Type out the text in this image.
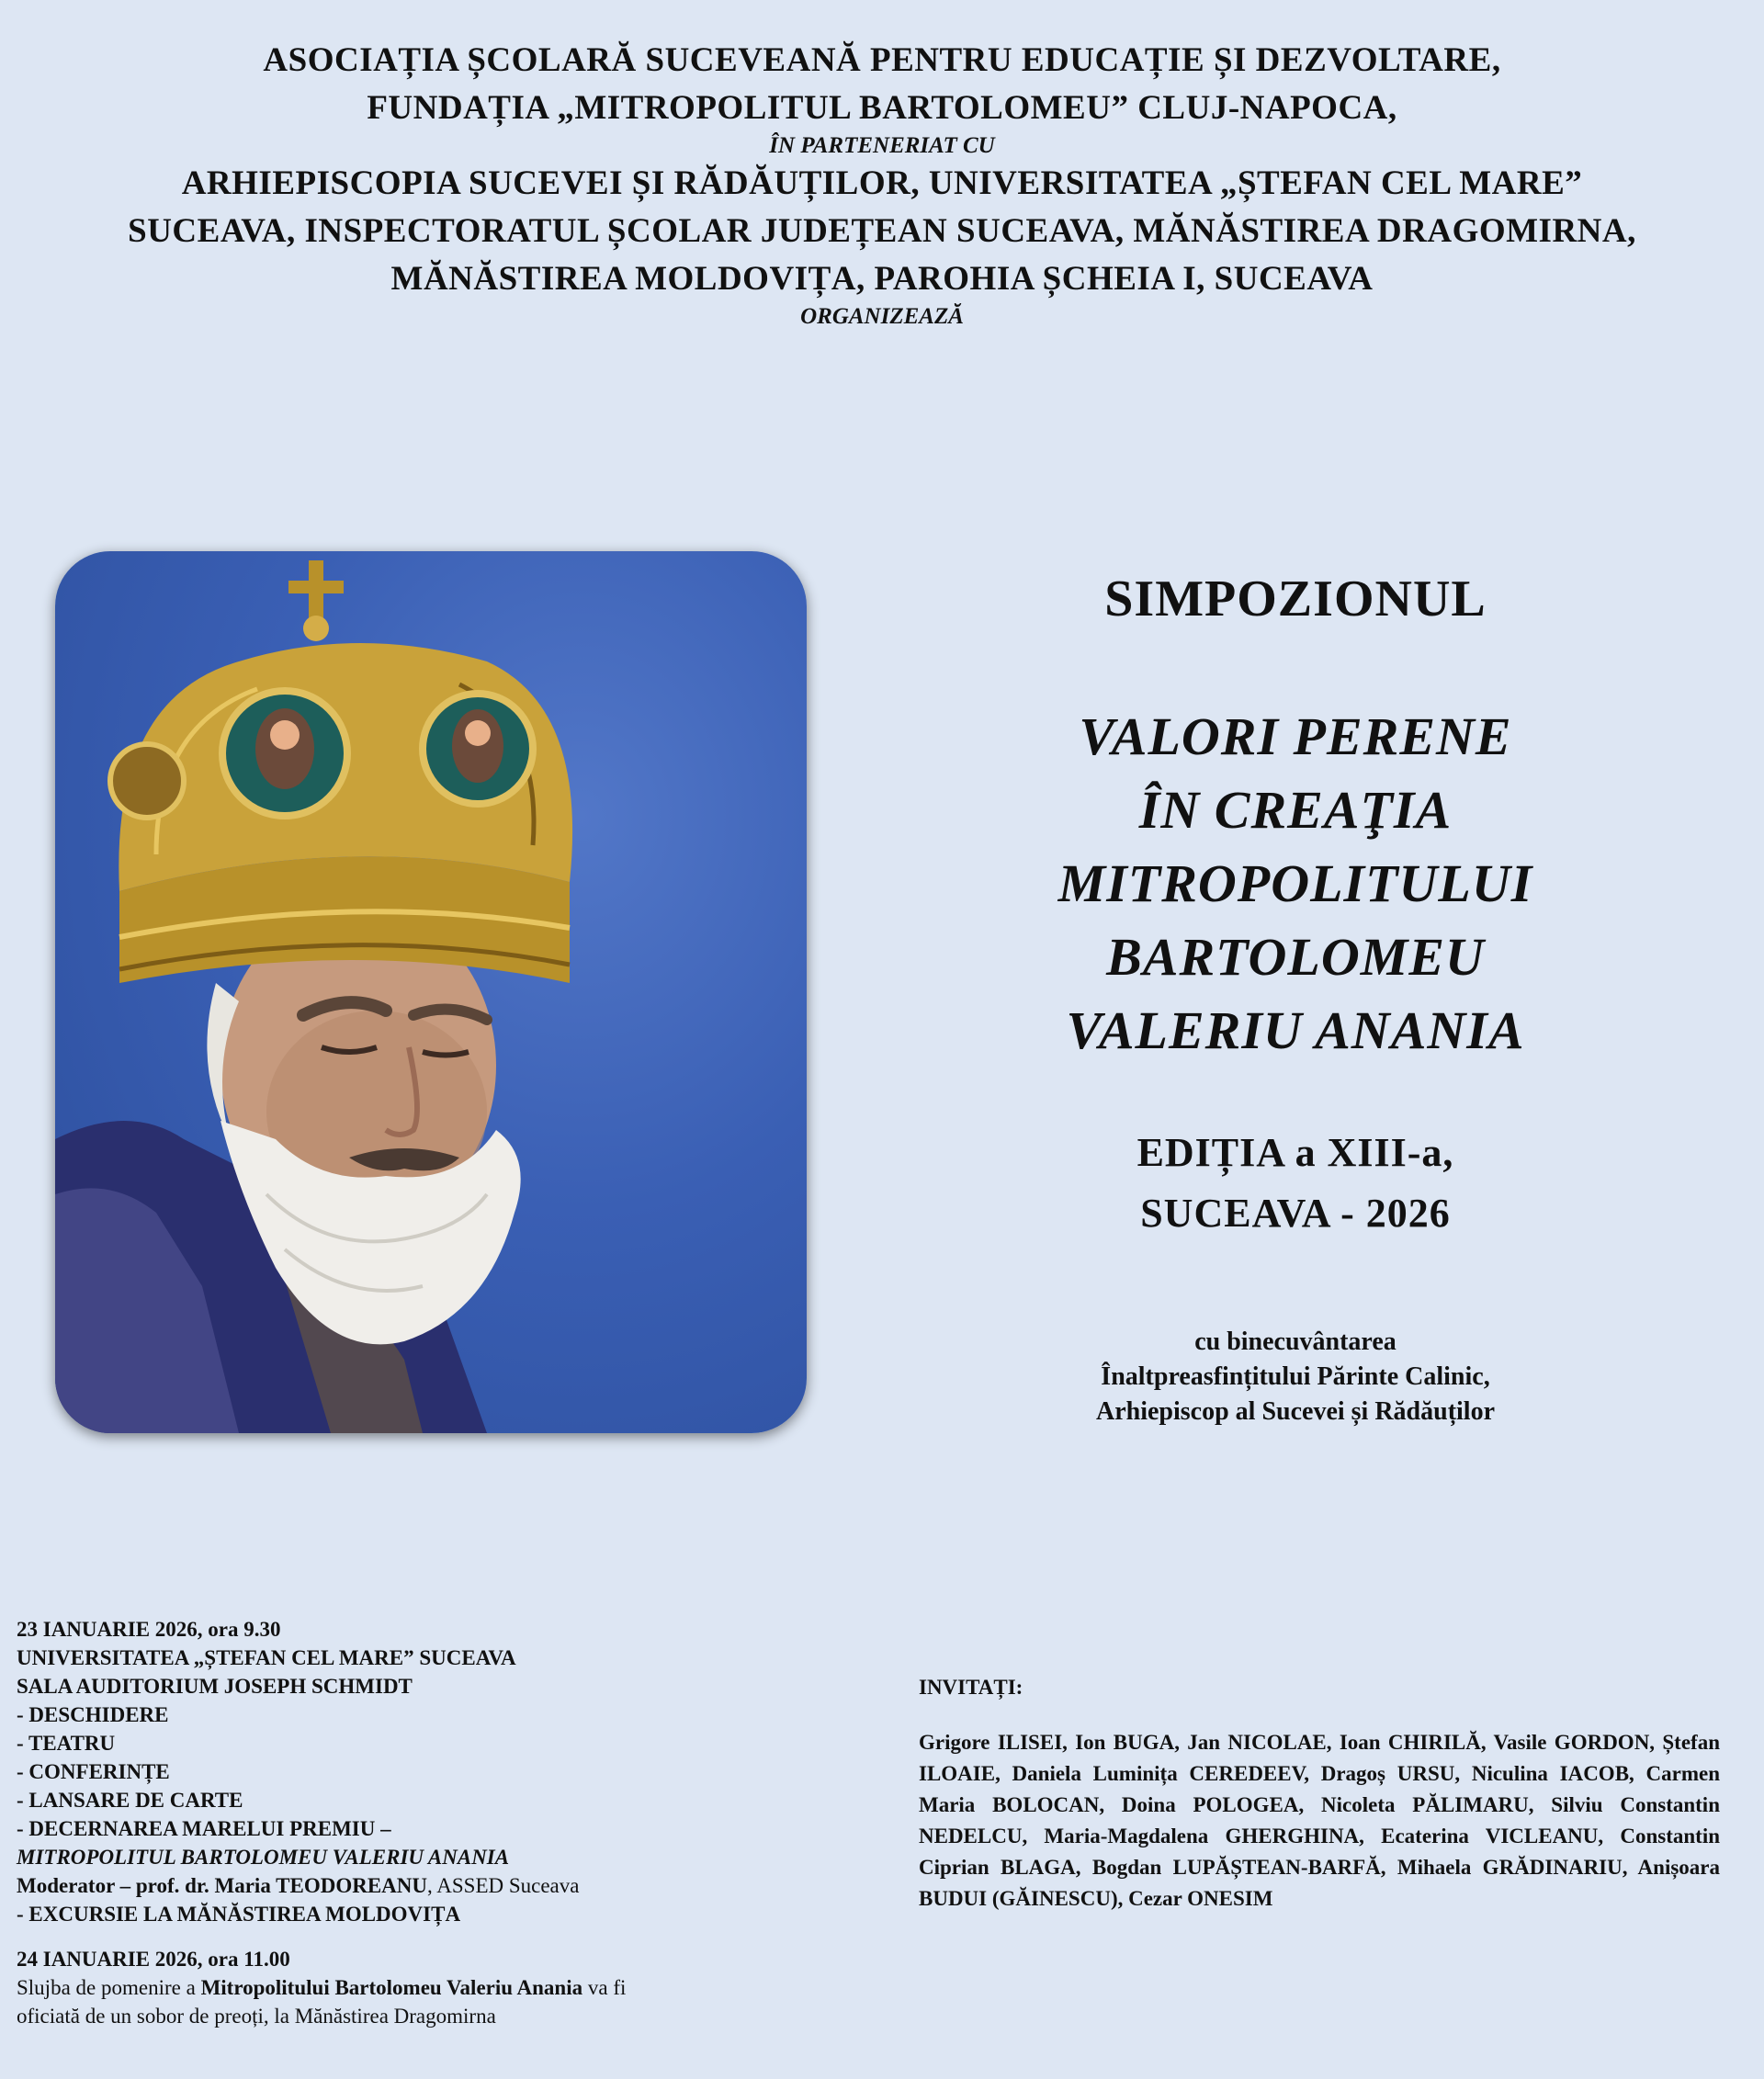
ASOCIAȚIA ȘCOLARĂ SUCEVEANĂ PENTRU EDUCAȚIE ȘI DEZVOLTARE,
FUNDAȚIA „MITROPOLITUL BARTOLOMEU” CLUJ-NAPOCA,
ÎN PARTENERIAT CU
ARHIEPISCOPIA SUCEVEI ȘI RĂDĂUȚILOR, UNIVERSITATEA „ȘTEFAN CEL MARE”
SUCEAVA, INSPECTORATUL ȘCOLAR JUDEȚEAN SUCEAVA, MĂNĂSTIREA DRAGOMIRNA,
MĂNĂSTIREA MOLDOVIȚA, PAROHIA ȘCHEIA I, SUCEAVA
ORGANIZEAZĂ
SIMPOZIONUL
VALORI PERENE
ÎN CREAŢIA
MITROPOLITULUI
BARTOLOMEU
VALERIU ANANIA
EDIȚIA a XIII-a,
SUCEAVA - 2026
cu binecuvântarea
Înaltpreasfințitului Părinte Calinic,
Arhiepiscop al Sucevei și Rădăuților
23 IANUARIE 2026, ora 9.30
UNIVERSITATEA „ȘTEFAN CEL MARE” SUCEAVA
SALA AUDITORIUM JOSEPH SCHMIDT
- DESCHIDERE
- TEATRU
- CONFERINȚE
- LANSARE DE CARTE
- DECERNAREA MARELUI PREMIU –
MITROPOLITUL BARTOLOMEU VALERIU ANANIA
Moderator – prof. dr. Maria TEODOREANU, ASSED Suceava
- EXCURSIE LA MĂNĂSTIREA MOLDOVIȚA
24 IANUARIE 2026, ora 11.00
Slujba de pomenire a Mitropolitului Bartolomeu Valeriu Anania va fi
oficiată de un sobor de preoți, la Mănăstirea Dragomirna
INVITAȚI:
Grigore ILISEI, Ion BUGA, Jan NICOLAE, Ioan CHIRILĂ, Vasile GORDON, Ștefan ILOAIE, Daniela Luminița CEREDEEV, Dragoș URSU, Niculina IACOB, Carmen Maria BOLOCAN, Doina POLOGEA, Nicoleta PĂLIMARU, Silviu Constantin NEDELCU, Maria-Magdalena GHERGHINA, Ecaterina VICLEANU, Constantin Ciprian BLAGA, Bogdan LUPĂȘTEAN-BARFĂ, Mihaela GRĂDINARIU, Anișoara BUDUI (GĂINESCU), Cezar ONESIM
